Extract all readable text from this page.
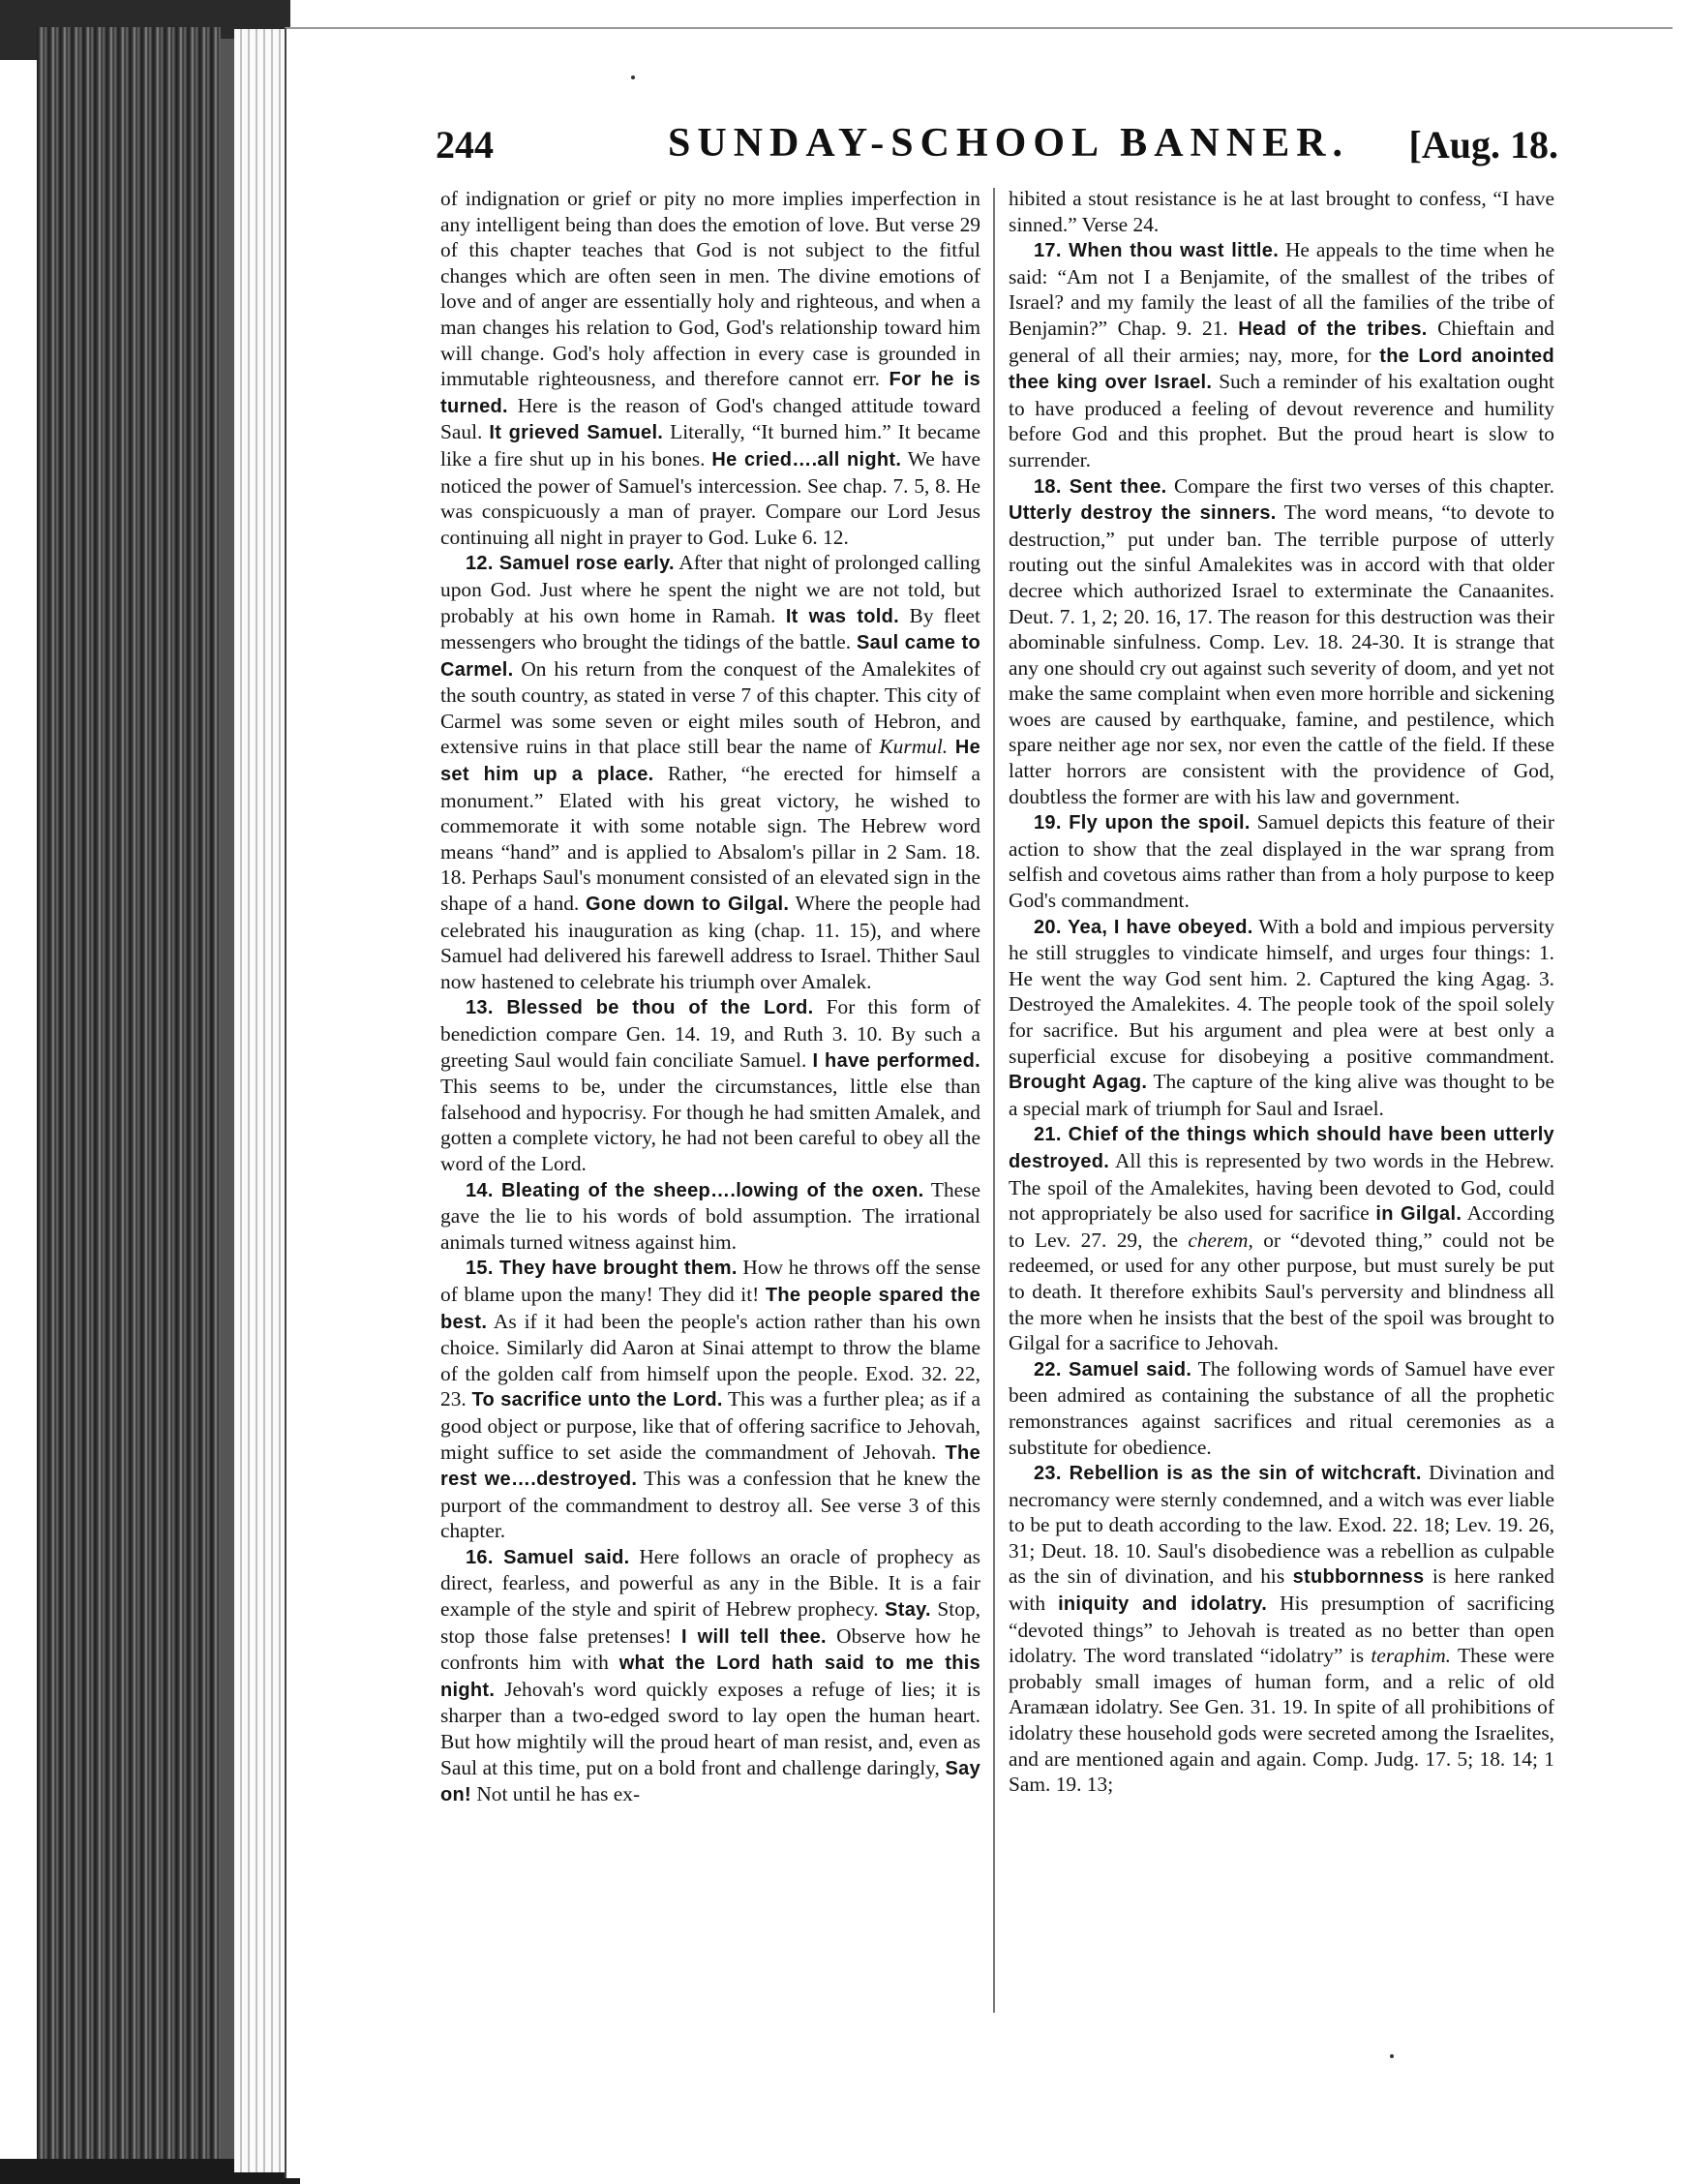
244	SUNDAY-SCHOOL BANNER. [Aug. 18.

of indignation or grief or pity no more implies imperfection in any intelligent being than does the emotion of love. But verse 29 of this chapter teaches that God is not subject to the fitful changes which are often seen in men. The divine emotions of love and of anger are essentially holy and righteous, and when a man changes his relation to God, God's relationship toward him will change. God's holy affection in every case is grounded in immutable righteousness, and therefore cannot err. For he is turned. Here is the reason of God's changed attitude toward Saul. It grieved Samuel. Literally, “It burned him.” It became like a fire shut up in his bones. He cried….all night. We have noticed the power of Samuel's intercession. See chap. 7. 5, 8. He was conspicuously a man of prayer. Compare our Lord Jesus continuing all night in prayer to God. Luke 6. 12.

12. Samuel rose early. After that night of prolonged calling upon God. Just where he spent the night we are not told, but probably at his own home in Ramah. It was told. By fleet messengers who brought the tidings of the battle. Saul came to Carmel. On his return from the conquest of the Amalekites of the south country, as stated in verse 7 of this chapter. This city of Carmel was some seven or eight miles south of Hebron, and extensive ruins in that place still bear the name of Kurmul. He set him up a place. Rather, “he erected for himself a monument.” Elated with his great victory, he wished to commemorate it with some notable sign. The Hebrew word means “hand” and is applied to Absalom's pillar in 2 Sam. 18. 18. Perhaps Saul's monument consisted of an elevated sign in the shape of a hand. Gone down to Gilgal. Where the people had celebrated his inauguration as king (chap. 11. 15), and where Samuel had delivered his farewell address to Israel. Thither Saul now hastened to celebrate his triumph over Amalek.

13. Blessed be thou of the Lord. For this form of benediction compare Gen. 14. 19, and Ruth 3. 10. By such a greeting Saul would fain conciliate Samuel. I have performed. This seems to be, under the circumstances, little else than falsehood and hypocrisy. For though he had smitten Amalek, and gotten a complete victory, he had not been careful to obey all the word of the Lord.

14. Bleating of the sheep….lowing of the oxen. These gave the lie to his words of bold assumption. The irrational animals turned witness against him.

15. They have brought them. How he throws off the sense of blame upon the many! They did it! The people spared the best. As if it had been the people's action rather than his own choice. Similarly did Aaron at Sinai attempt to throw the blame of the golden calf from himself upon the people. Exod. 32. 22, 23. To sacrifice unto the Lord. This was a further plea; as if a good object or purpose, like that of offering sacrifice to Jehovah, might suffice to set aside the commandment of Jehovah. The rest we….destroyed. This was a confession that he knew the purport of the commandment to destroy all. See verse 3 of this chapter.

16. Samuel said. Here follows an oracle of prophecy as direct, fearless, and powerful as any in the Bible. It is a fair example of the style and spirit of Hebrew prophecy. Stay. Stop, stop those false pretenses! I will tell thee. Observe how he confronts him with what the Lord hath said to me this night. Jehovah's word quickly exposes a refuge of lies; it is sharper than a two-edged sword to lay open the human heart. But how mightily will the proud heart of man resist, and, even as Saul at this time, put on a bold front and challenge daringly, Say on! Not until he has ex-

hibited a stout resistance is he at last brought to confess, “I have sinned.” Verse 24.

17. When thou wast little. He appeals to the time when he said: “Am not I a Benjamite, of the smallest of the tribes of Israel? and my family the least of all the families of the tribe of Benjamin?” Chap. 9. 21. Head of the tribes. Chieftain and general of all their armies; nay, more, for the Lord anointed thee king over Israel. Such a reminder of his exaltation ought to have produced a feeling of devout reverence and humility before God and this prophet. But the proud heart is slow to surrender.

18. Sent thee. Compare the first two verses of this chapter. Utterly destroy the sinners. The word means, “to devote to destruction,” put under ban. The terrible purpose of utterly routing out the sinful Amalekites was in accord with that older decree which authorized Israel to exterminate the Canaanites. Deut. 7. 1, 2; 20. 16, 17. The reason for this destruction was their abominable sinfulness. Comp. Lev. 18. 24-30. It is strange that any one should cry out against such severity of doom, and yet not make the same complaint when even more horrible and sickening woes are caused by earthquake, famine, and pestilence, which spare neither age nor sex, nor even the cattle of the field. If these latter horrors are consistent with the providence of God, doubtless the former are with his law and government.

19. Fly upon the spoil. Samuel depicts this feature of their action to show that the zeal displayed in the war sprang from selfish and covetous aims rather than from a holy purpose to keep God's commandment.

20. Yea, I have obeyed. With a bold and impious perversity he still struggles to vindicate himself, and urges four things: 1. He went the way God sent him. 2. Captured the king Agag. 3. Destroyed the Amalekites. 4. The people took of the spoil solely for sacrifice. But his argument and plea were at best only a superficial excuse for disobeying a positive commandment. Brought Agag. The capture of the king alive was thought to be a special mark of triumph for Saul and Israel.

21. Chief of the things which should have been utterly destroyed. All this is represented by two words in the Hebrew. The spoil of the Amalekites, having been devoted to God, could not appropriately be also used for sacrifice in Gilgal. According to Lev. 27. 29, the cherem, or “devoted thing,” could not be redeemed, or used for any other purpose, but must surely be put to death. It therefore exhibits Saul's perversity and blindness all the more when he insists that the best of the spoil was brought to Gilgal for a sacrifice to Jehovah.

22. Samuel said. The following words of Samuel have ever been admired as containing the substance of all the prophetic remonstrances against sacrifices and ritual ceremonies as a substitute for obedience.

23. Rebellion is as the sin of witchcraft. Divination and necromancy were sternly condemned, and a witch was ever liable to be put to death according to the law. Exod. 22. 18; Lev. 19. 26, 31; Deut. 18. 10. Saul's disobedience was a rebellion as culpable as the sin of divination, and his stubbornness is here ranked with iniquity and idolatry. His presumption of sacrificing “devoted things” to Jehovah is treated as no better than open idolatry. The word translated “idolatry” is teraphim. These were probably small images of human form, and a relic of old Aramæan idolatry. See Gen. 31. 19. In spite of all prohibitions of idolatry these household gods were secreted among the Israelites, and are mentioned again and again. Comp. Judg. 17. 5; 18. 14; 1 Sam. 19. 13;
